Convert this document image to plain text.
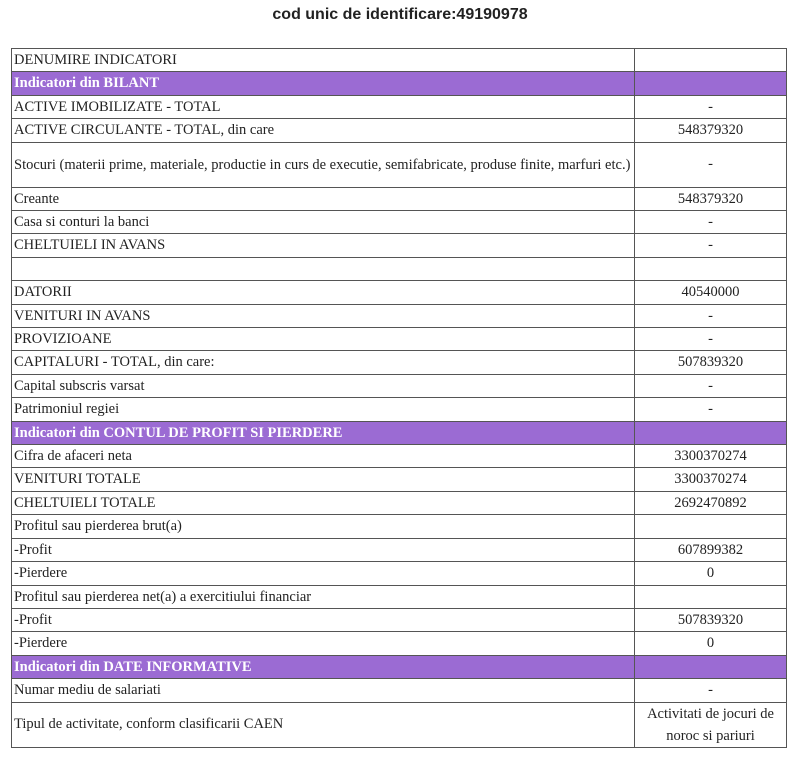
cod unic de identificare:49190978
DENUMIRE INDICATORI	
Indicatori din BILANT	
ACTIVE IMOBILIZATE - TOTAL	-
ACTIVE CIRCULANTE - TOTAL, din care	548379320
Stocuri (materii prime, materiale, productie in curs de executie, semifabricate, produse finite, marfuri etc.)	-
Creante	548379320
Casa si conturi la banci	-
CHELTUIELI IN AVANS	-

DATORII	40540000
VENITURI IN AVANS	-
PROVIZIOANE	-
CAPITALURI - TOTAL, din care:	507839320
Capital subscris varsat	-
Patrimoniul regiei	-
Indicatori din CONTUL DE PROFIT SI PIERDERE	
Cifra de afaceri neta	3300370274
VENITURI TOTALE	3300370274
CHELTUIELI TOTALE	2692470892
Profitul sau pierderea brut(a)	
-Profit	607899382
-Pierdere	0
Profitul sau pierderea net(a) a exercitiului financiar	
-Profit	507839320
-Pierdere	0
Indicatori din DATE INFORMATIVE	
Numar mediu de salariati	-
Tipul de activitate, conform clasificarii CAEN	Activitati de jocuri de noroc si pariuri
